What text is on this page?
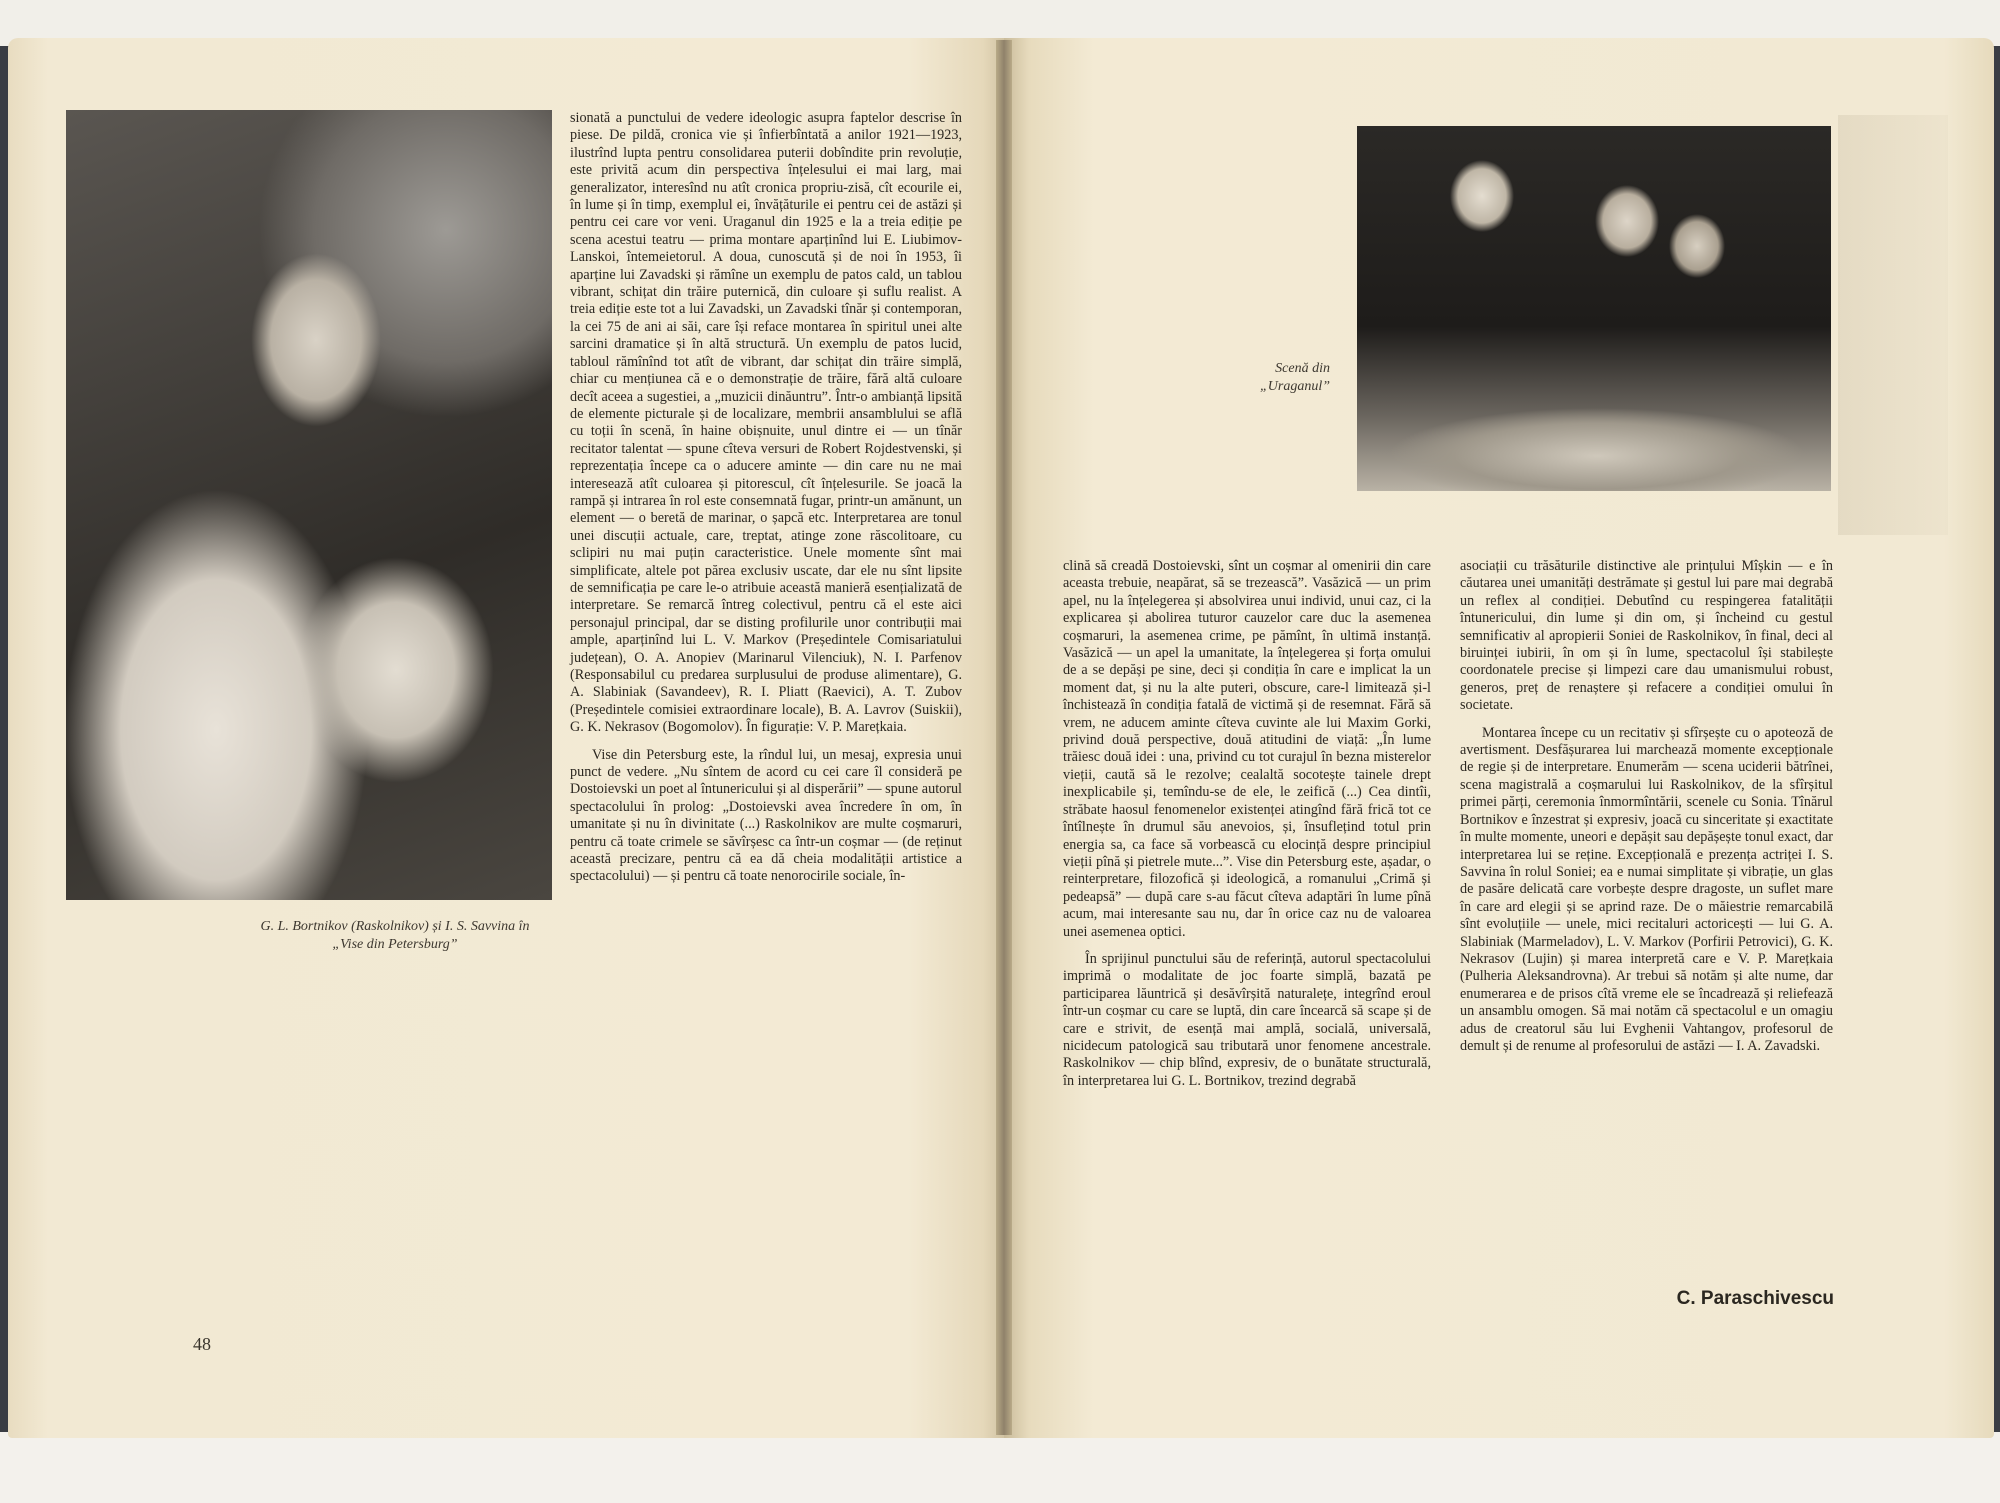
G. L. Bortnikov (Raskolnikov) și I. S. Savvina în „Vise din Petersburg”

sionată a punctului de vedere ideologic asupra faptelor descrise în piese. De pildă, cronica vie și înfierbîntată a anilor 1921—1923, ilustrînd lupta pentru consolidarea puterii dobîndite prin revoluție, este privită acum din perspectiva înțelesului ei mai larg, mai generalizator, interesînd nu atît cronica propriu-zisă, cît ecourile ei, în lume și în timp, exemplul ei, învățăturile ei pentru cei de astăzi și pentru cei care vor veni. Uraganul din 1925 e la a treia ediție pe scena acestui teatru — prima montare aparținînd lui E. Liubimov-Lanskoi, întemeietorul. A doua, cunoscută și de noi în 1953, îi aparține lui Zavadski și rămîne un exemplu de patos cald, un tablou vibrant, schițat din trăire puternică, din culoare și suflu realist. A treia ediție este tot a lui Zavadski, un Zavadski tînăr și contemporan, la cei 75 de ani ai săi, care își reface montarea în spiritul unei alte sarcini dramatice și în altă structură. Un exemplu de patos lucid, tabloul rămînînd tot atît de vibrant, dar schițat din trăire simplă, chiar cu mențiunea că e o demonstrație de trăire, fără altă culoare decît aceea a sugestiei, a „muzicii dinăuntru”. Într-o ambianță lipsită de elemente picturale și de localizare, membrii ansamblului se află cu toții în scenă, în haine obișnuite, unul dintre ei — un tînăr recitator talentat — spune cîteva versuri de Robert Rojdestvenski, și reprezentația începe ca o aducere aminte — din care nu ne mai interesează atît culoarea și pitorescul, cît înțelesurile. Se joacă la rampă și intrarea în rol este consemnată fugar, printr-un amănunt, un element — o beretă de marinar, o șapcă etc. Interpretarea are tonul unei discuții actuale, care, treptat, atinge zone răscolitoare, cu sclipiri nu mai puțin caracteristice. Unele momente sînt mai simplificate, altele pot părea exclusiv uscate, dar ele nu sînt lipsite de semnificația pe care le-o atribuie această manieră esențializată de interpretare. Se remarcă întreg colectivul, pentru că el este aici personajul principal, dar se disting profilurile unor contribuții mai ample, aparținînd lui L. V. Markov (Președintele Comisariatului județean), O. A. Anopiev (Marinarul Vilenciuk), N. I. Parfenov (Responsabilul cu predarea surplusului de produse alimentare), G. A. Slabiniak (Savandeev), R. I. Pliatt (Raevici), A. T. Zubov (Președintele comisiei extraordinare locale), B. A. Lavrov (Suiskii), G. K. Nekrasov (Bogomolov). În figurație: V. P. Marețkaia.

Vise din Petersburg este, la rîndul lui, un mesaj, expresia unui punct de vedere. „Nu sîntem de acord cu cei care îl consideră pe Dostoievski un poet al întunericului și al disperării” — spune autorul spectacolului în prolog: „Dostoievski avea încredere în om, în umanitate și nu în divinitate (...) Raskolnikov are multe coșmaruri, pentru că toate crimele se săvîrșesc ca într-un coșmar — (de reținut această precizare, pentru că ea dă cheia modalității artistice a spectacolului) — și pentru că toate nenorocirile sociale, în-

48
Scenă din „Uraganul”

clină să creadă Dostoievski, sînt un coșmar al omenirii din care aceasta trebuie, neapărat, să se trezească”. Vasăzică — un prim apel, nu la înțelegerea și absolvirea unui individ, unui caz, ci la explicarea și abolirea tuturor cauzelor care duc la asemenea coșmaruri, la asemenea crime, pe pămînt, în ultimă instanță. Vasăzică — un apel la umanitate, la înțelegerea și forța omului de a se depăși pe sine, deci și condiția în care e implicat la un moment dat, și nu la alte puteri, obscure, care-l limitează și-l închistează în condiția fatală de victimă și de resemnat. Fără să vrem, ne aducem aminte cîteva cuvinte ale lui Maxim Gorki, privind două perspective, două atitudini de viață: „În lume trăiesc două idei : una, privind cu tot curajul în bezna misterelor vieții, caută să le rezolve; cealaltă socotește tainele drept inexplicabile și, temîndu-se de ele, le zeifică (...) Cea dintîi, străbate haosul fenomenelor existenței atingînd fără frică tot ce întîlnește în drumul său anevoios, și, însuflețind totul prin energia sa, ca face să vorbească cu elocință despre principiul vieții pînă și pietrele mute...”. Vise din Petersburg este, așadar, o reinterpretare, filozofică și ideologică, a romanului „Crimă și pedeapsă” — după care s-au făcut cîteva adaptări în lume pînă acum, mai interesante sau nu, dar în orice caz nu de valoarea unei asemenea optici.

În sprijinul punctului său de referință, autorul spectacolului imprimă o modalitate de joc foarte simplă, bazată pe participarea lăuntrică și desăvîrșită naturalețe, integrînd eroul într-un coșmar cu care se luptă, din care încearcă să scape și de care e strivit, de esență mai amplă, socială, universală, nicidecum patologică sau tributară unor fenomene ancestrale. Raskolnikov — chip blînd, expresiv, de o bunătate structurală, în interpretarea lui G. L. Bortnikov, trezind degrabă

asociații cu trăsăturile distinctive ale prințului Mîșkin — e în căutarea unei umanități destrămate și gestul lui pare mai degrabă un reflex al condiției. Debutînd cu respingerea fatalității întunericului, din lume și din om, și încheind cu gestul semnificativ al apropierii Soniei de Raskolnikov, în final, deci al biruinței iubirii, în om și în lume, spectacolul își stabilește coordonatele precise și limpezi care dau umanismului robust, generos, preț de renaștere și refacere a condiției omului în societate.

Montarea începe cu un recitativ și sfîrșește cu o apoteoză de avertisment. Desfășurarea lui marchează momente excepționale de regie și de interpretare. Enumerăm — scena uciderii bătrînei, scena magistrală a coșmarului lui Raskolnikov, de la sfîrșitul primei părți, ceremonia înmormîntării, scenele cu Sonia. Tînărul Bortnikov e înzestrat și expresiv, joacă cu sinceritate și exactitate în multe momente, uneori e depășit sau depășește tonul exact, dar interpretarea lui se reține. Excepțională e prezența actriței I. S. Savvina în rolul Soniei; ea e numai simplitate și vibrație, un glas de pasăre delicată care vorbește despre dragoste, un suflet mare în care ard elegii și se aprind raze. De o măiestrie remarcabilă sînt evoluțiile — unele, mici recitaluri actoricești — lui G. A. Slabiniak (Marmeladov), L. V. Markov (Porfirii Petrovici), G. K. Nekrasov (Lujin) și marea interpretă care e V. P. Marețkaia (Pulheria Aleksandrovna). Ar trebui să notăm și alte nume, dar enumerarea e de prisos cîtă vreme ele se încadrează și reliefează un ansamblu omogen. Să mai notăm că spectacolul e un omagiu adus de creatorul său lui Evghenii Vahtangov, profesorul de demult și de renume al profesorului de astăzi — I. A. Zavadski.

C. Paraschivescu
